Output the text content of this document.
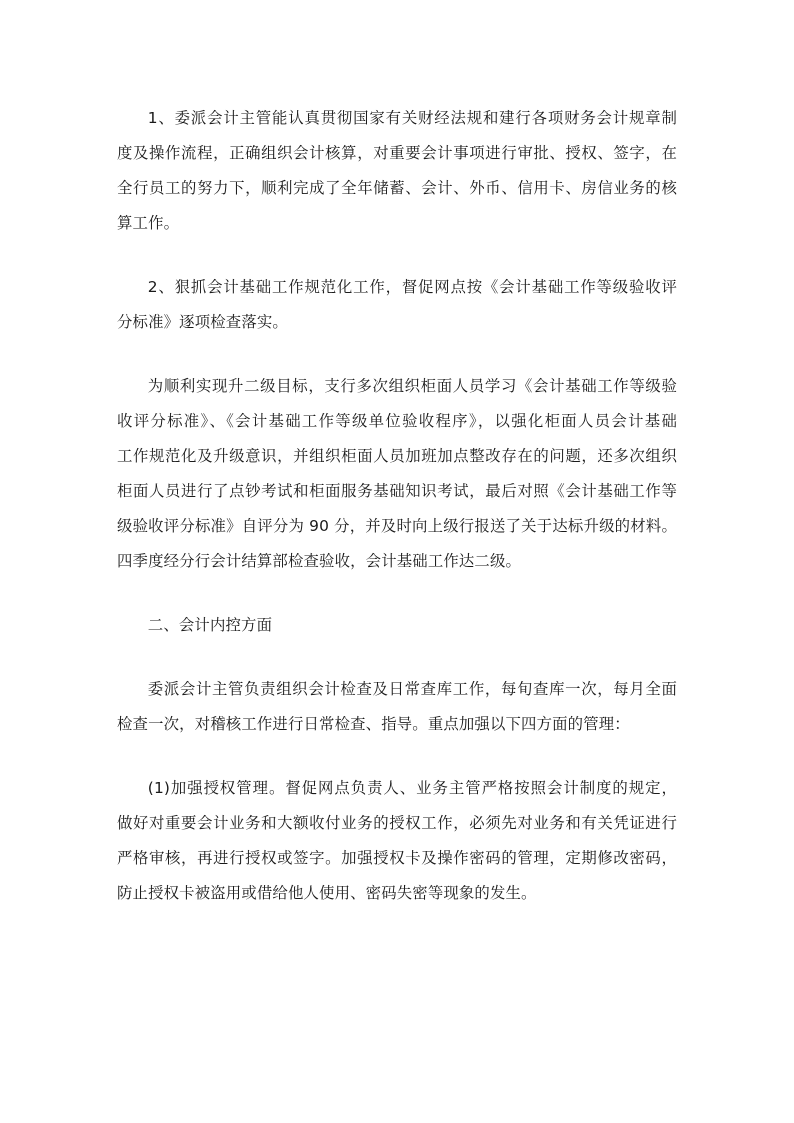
1、委派会计主管能认真贯彻国家有关财经法规和建行各项财务会计规章制
度及操作流程，正确组织会计核算，对重要会计事项进行审批、授权、签字，在
全行员工的努力下，顺利完成了全年储蓄、会计、外币、信用卡、房信业务的核
算工作。

2、狠抓会计基础工作规范化工作，督促网点按《会计基础工作等级验收评
分标准》逐项检查落实。

为顺利实现升二级目标，支行多次组织柜面人员学习《会计基础工作等级验
收评分标准》、《会计基础工作等级单位验收程序》，以强化柜面人员会计基础
工作规范化及升级意识，并组织柜面人员加班加点整改存在的问题，还多次组织
柜面人员进行了点钞考试和柜面服务基础知识考试，最后对照《会计基础工作等
级验收评分标准》自评分为 90 分，并及时向上级行报送了关于达标升级的材料。
四季度经分行会计结算部检查验收，会计基础工作达二级。

二、会计内控方面

委派会计主管负责组织会计检查及日常查库工作，每旬查库一次，每月全面
检查一次，对稽核工作进行日常检查、指导。重点加强以下四方面的管理：

(1)加强授权管理。督促网点负责人、业务主管严格按照会计制度的规定，
做好对重要会计业务和大额收付业务的授权工作，必须先对业务和有关凭证进行
严格审核，再进行授权或签字。加强授权卡及操作密码的管理，定期修改密码，
防止授权卡被盗用或借给他人使用、密码失密等现象的发生。
